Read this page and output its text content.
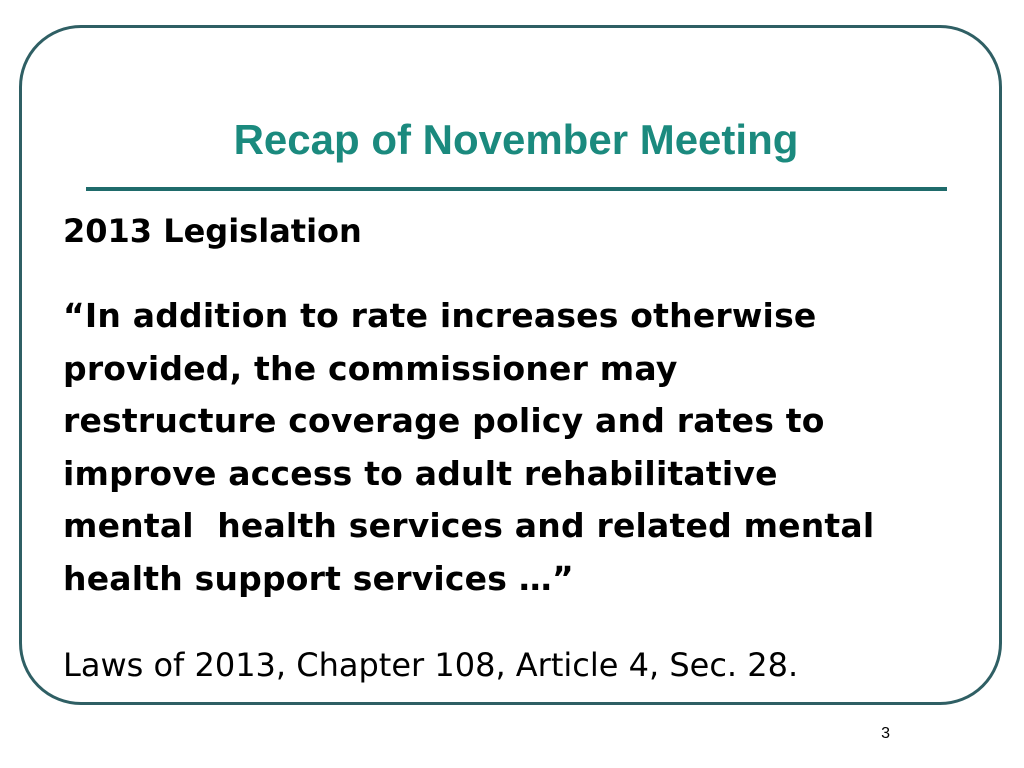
Recap of November Meeting
2013 Legislation
“In addition to rate increases otherwise
provided, the commissioner may
restructure coverage policy and rates to
improve access to adult rehabilitative
mental  health services and related mental
health support services …”
Laws of 2013, Chapter 108, Article 4, Sec. 28.
3
